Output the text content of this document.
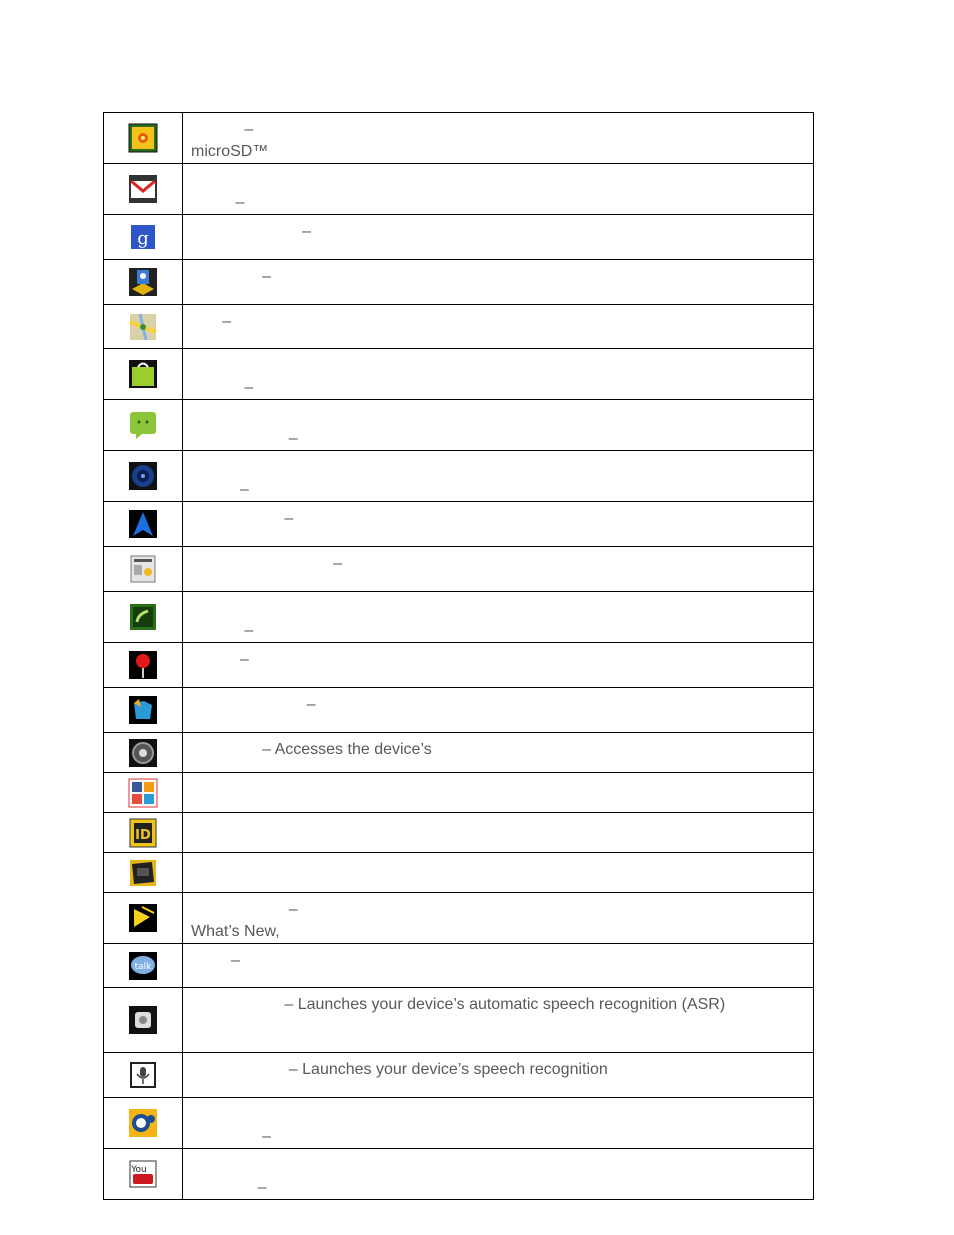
–
microSD™

–

–

–

–

–

–

–

–

–

–

–

–

– Accesses the device’s

–
What’s New,

–

– Launches your device’s automatic speech recognition (ASR)

– Launches your device’s speech recognition

–

–
